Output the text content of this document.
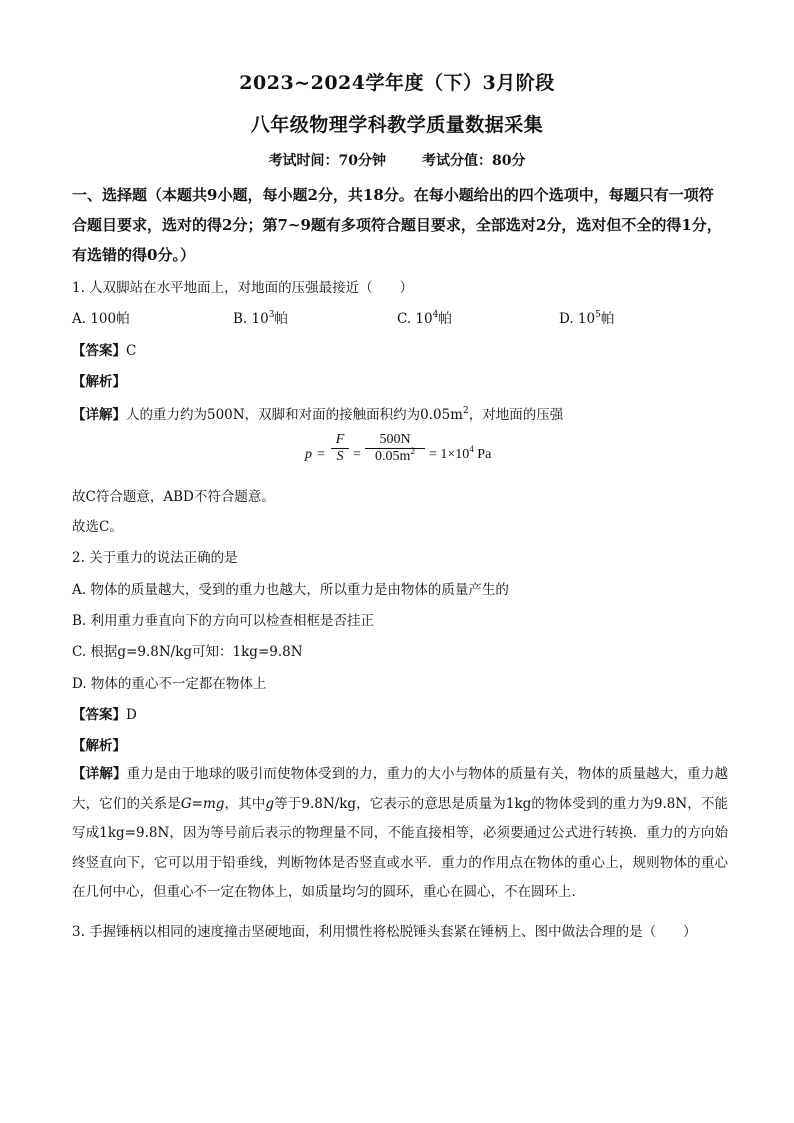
2023~2024学年度（下）3月阶段
八年级物理学科教学质量数据采集
考试时间：70分钟	考试分值：80分
一、选择题（本题共9小题，每小题2分，共18分。在每小题给出的四个选项中，每题只有一项符合题目要求，选对的得2分；第7~9题有多项符合题目要求，全部选对2分，选对但不全的得1分，有选错的得0分。）
1. 人双脚站在水平地面上，对地面的压强最接近（　　）
A. 100帕	B. $10^3$帕	C. $10^4$帕	D. $10^5$帕
【答案】C
【解析】
【详解】人的重力约为500N，双脚和对面的接触面积约为$0.05m^2$，对地面的压强
$p = \frac{F}{S} = \frac{500N}{0.05m^2} = 1\times 10^4$ Pa
故C符合题意，ABD不符合题意。
故选C。
2. 关于重力的说法正确的是
A. 物体的质量越大，受到的重力也越大，所以重力是由物体的质量产生的
B. 利用重力垂直向下的方向可以检查相框是否挂正
C. 根据g=9.8N/kg可知：1kg=9.8N
D. 物体的重心不一定都在物体上
【答案】D
【解析】
【详解】重力是由于地球的吸引而使物体受到的力，重力的大小与物体的质量有关，物体的质量越大，重力越大，它们的关系是G=mg，其中g等于9.8N/kg，它表示的意思是质量为1kg的物体受到的重力为9.8N，不能写成1kg=9.8N，因为等号前后表示的物理量不同，不能直接相等，必须要通过公式进行转换．重力的方向始终竖直向下，它可以用于铅垂线，判断物体是否竖直或水平．重力的作用点在物体的重心上，规则物体的重心在几何中心，但重心不一定在物体上，如质量均匀的圆环，重心在圆心，不在圆环上．
3. 手握锤柄以相同的速度撞击坚硬地面，利用惯性将松脱锤头套紧在锤柄上、图中做法合理的是（　　）
